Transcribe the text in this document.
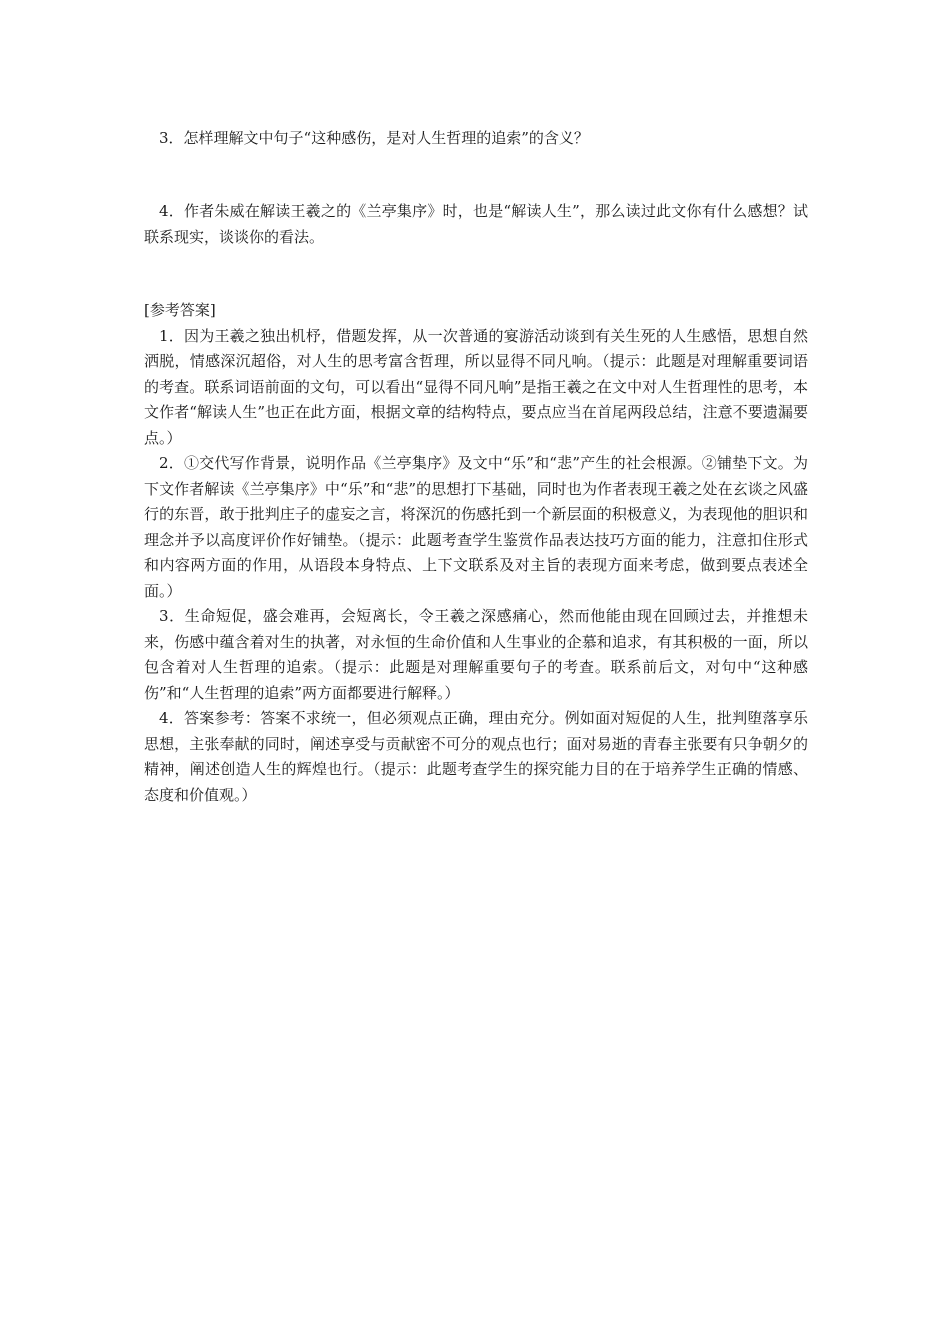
3．怎样理解文中句子“这种感伤，是对人生哲理的追索”的含义？

4．作者朱威在解读王羲之的《兰亭集序》时，也是“解读人生”，那么读过此文你有什么感想？试联系现实，谈谈你的看法。

[参考答案]

1．因为王羲之独出机杼，借题发挥，从一次普通的宴游活动谈到有关生死的人生感悟，思想自然洒脱，情感深沉超俗，对人生的思考富含哲理，所以显得不同凡响。（提示：此题是对理解重要词语的考查。联系词语前面的文句，可以看出“显得不同凡响”是指王羲之在文中对人生哲理性的思考，本文作者“解读人生”也正在此方面，根据文章的结构特点，要点应当在首尾两段总结，注意不要遗漏要点。）

2．①交代写作背景，说明作品《兰亭集序》及文中“乐”和“悲”产生的社会根源。②铺垫下文。为下文作者解读《兰亭集序》中“乐”和“悲”的思想打下基础，同时也为作者表现王羲之处在玄谈之风盛行的东晋，敢于批判庄子的虚妄之言，将深沉的伤感托到一个新层面的积极意义，为表现他的胆识和理念并予以高度评价作好铺垫。（提示：此题考查学生鉴赏作品表达技巧方面的能力，注意扣住形式和内容两方面的作用，从语段本身特点、上下文联系及对主旨的表现方面来考虑，做到要点表述全面。）

3．生命短促，盛会难再，会短离长，令王羲之深感痛心，然而他能由现在回顾过去，并推想未来，伤感中蕴含着对生的执著，对永恒的生命价值和人生事业的企慕和追求，有其积极的一面，所以包含着对人生哲理的追索。（提示：此题是对理解重要句子的考查。联系前后文，对句中“这种感伤”和“人生哲理的追索”两方面都要进行解释。）

4．答案参考：答案不求统一，但必须观点正确，理由充分。例如面对短促的人生，批判堕落享乐思想，主张奉献的同时，阐述享受与贡献密不可分的观点也行；面对易逝的青春主张要有只争朝夕的精神，阐述创造人生的辉煌也行。（提示：此题考查学生的探究能力目的在于培养学生正确的情感、态度和价值观。）
